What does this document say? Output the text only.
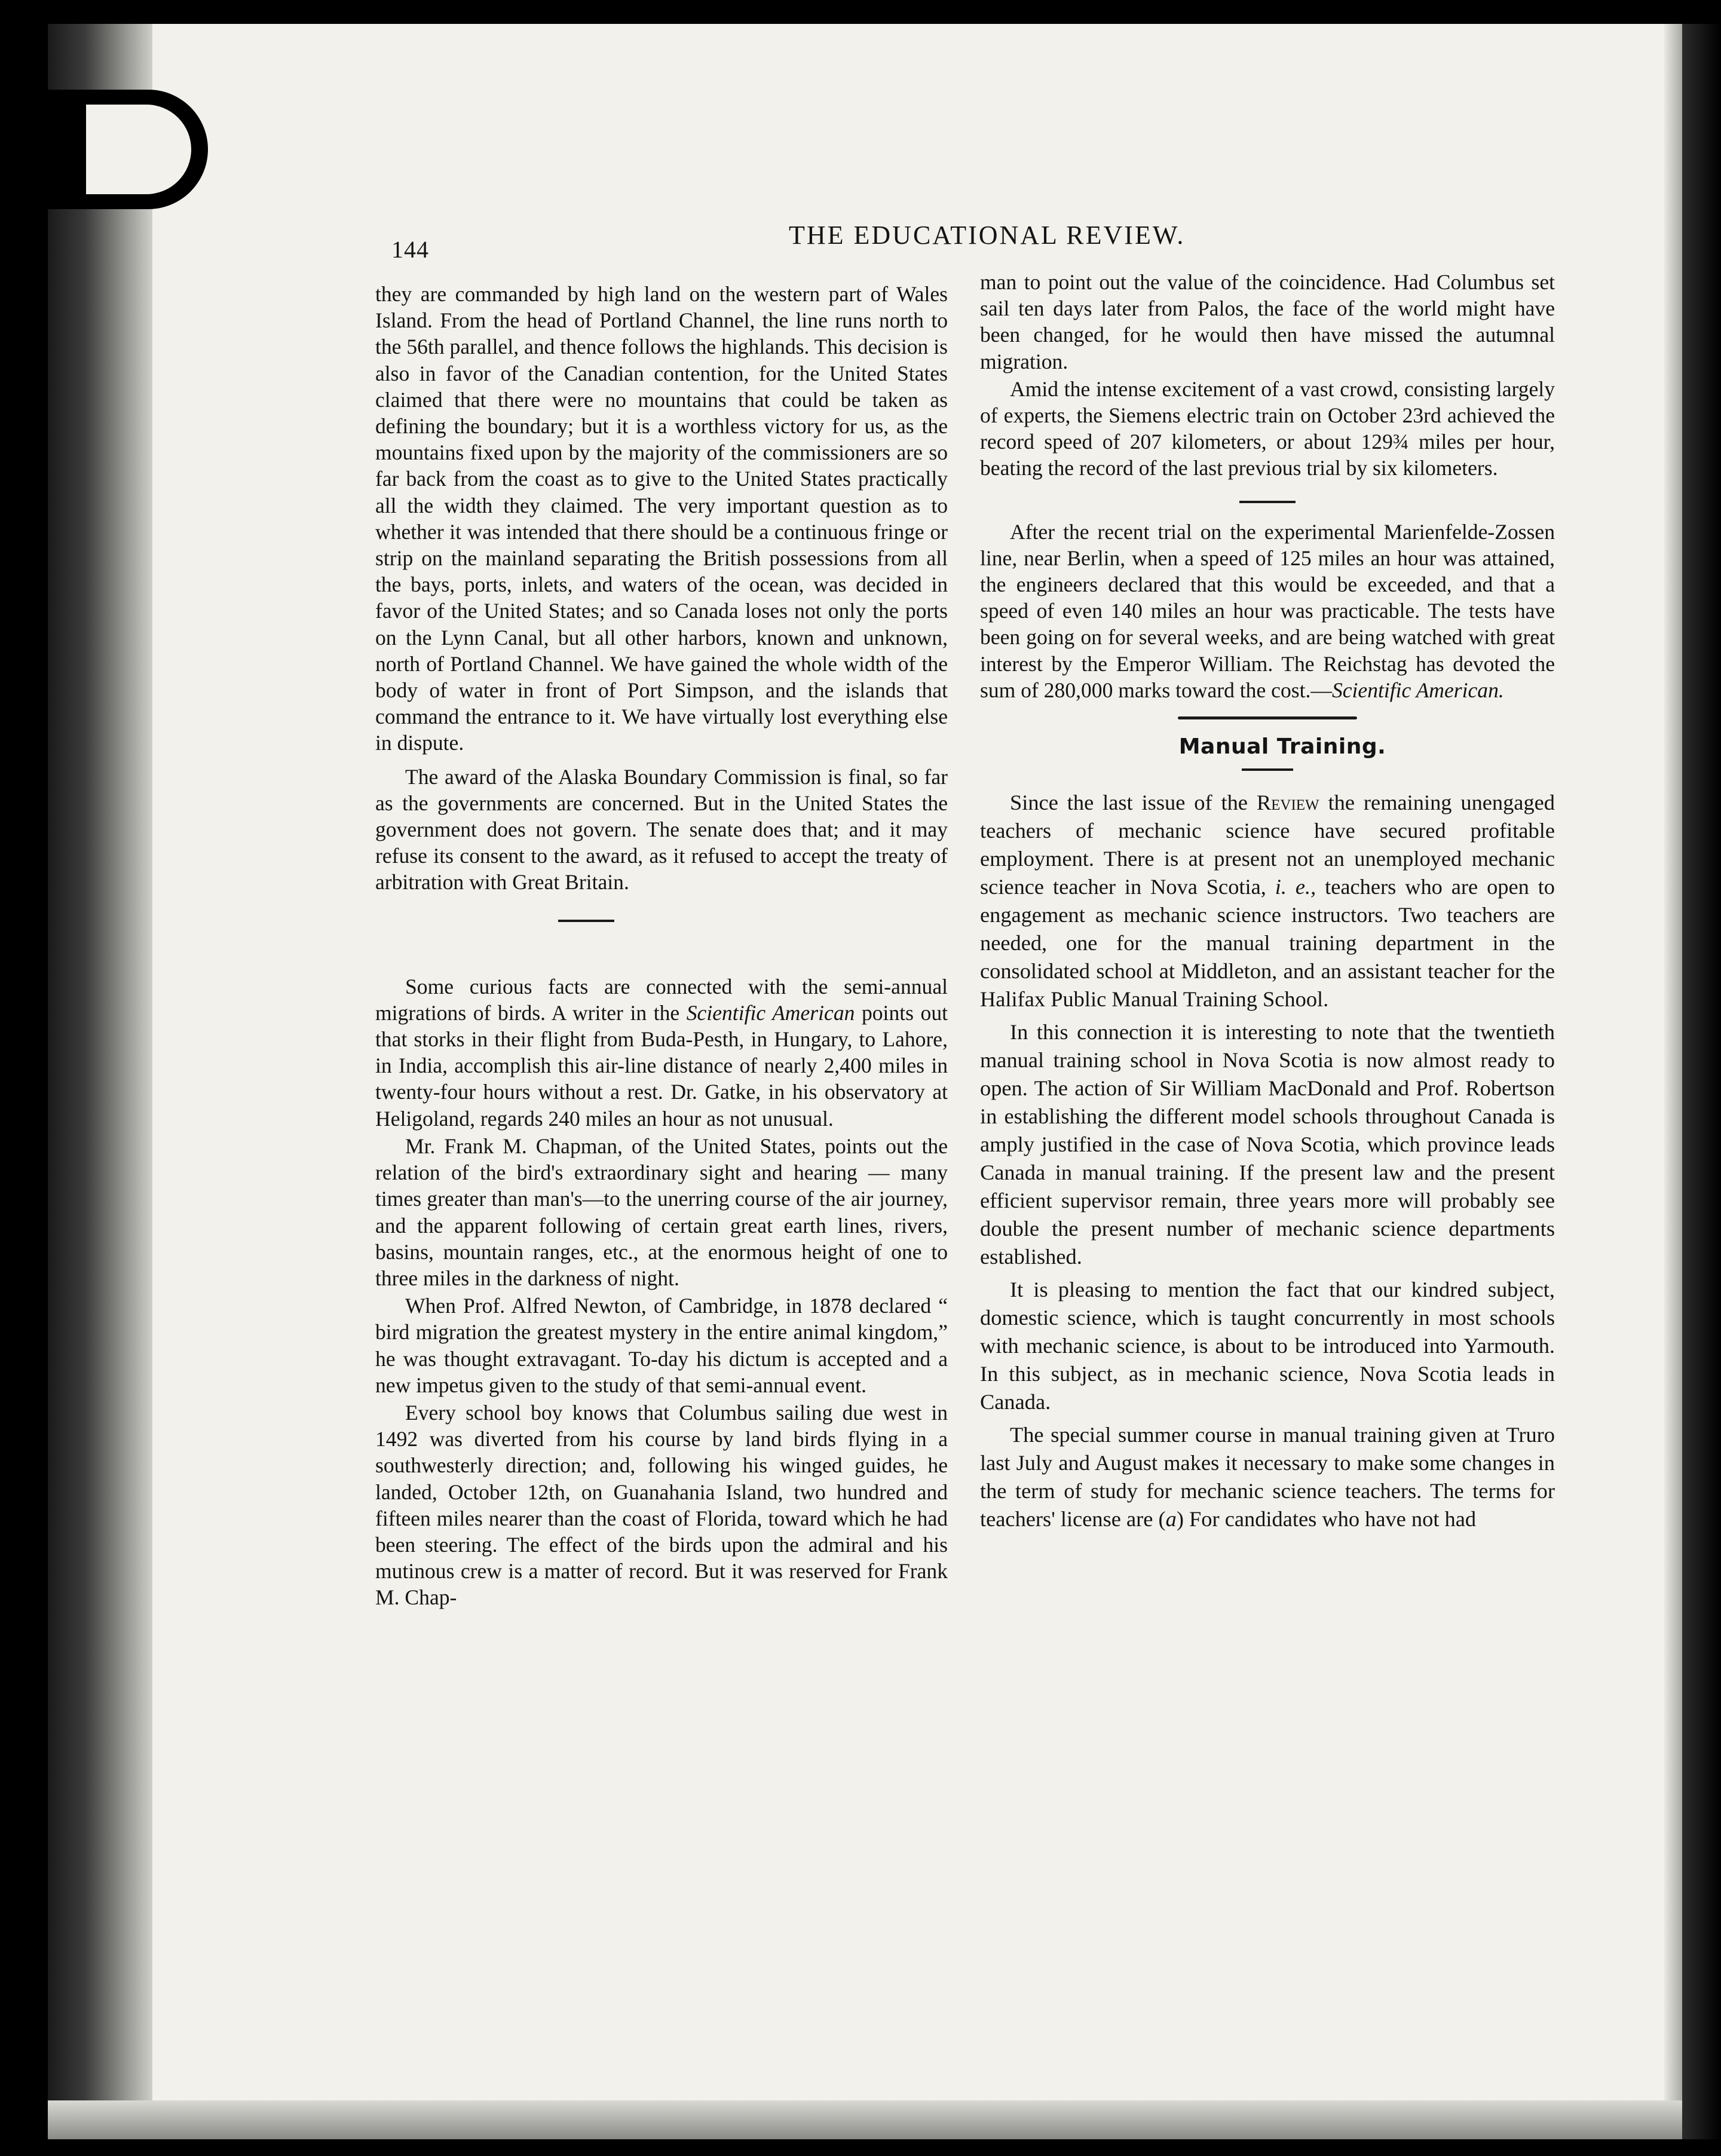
144	THE EDUCATIONAL REVIEW.

they are commanded by high land on the western part of Wales Island. From the head of Portland Channel, the line runs north to the 56th parallel, and thence follows the highlands. This decision is also in favor of the Canadian contention, for the United States claimed that there were no mountains that could be taken as defining the boundary; but it is a worthless victory for us, as the mountains fixed upon by the majority of the commissioners are so far back from the coast as to give to the United States practically all the width they claimed. The very important question as to whether it was intended that there should be a continuous fringe or strip on the mainland separating the British possessions from all the bays, ports, inlets, and waters of the ocean, was decided in favor of the United States; and so Canada loses not only the ports on the Lynn Canal, but all other harbors, known and unknown, north of Portland Channel. We have gained the whole width of the body of water in front of Port Simpson, and the islands that command the entrance to it. We have virtually lost everything else in dispute.

The award of the Alaska Boundary Commission is final, so far as the governments are concerned. But in the United States the government does not govern. The senate does that; and it may refuse its consent to the award, as it refused to accept the treaty of arbitration with Great Britain.

Some curious facts are connected with the semi-annual migrations of birds. A writer in the Scientific American points out that storks in their flight from Buda-Pesth, in Hungary, to Lahore, in India, accomplish this air-line distance of nearly 2,400 miles in twenty-four hours without a rest. Dr. Gatke, in his observatory at Heligoland, regards 240 miles an hour as not unusual.

Mr. Frank M. Chapman, of the United States, points out the relation of the bird's extraordinary sight and hearing — many times greater than man's—to the unerring course of the air journey, and the apparent following of certain great earth lines, rivers, basins, mountain ranges, etc., at the enormous height of one to three miles in the darkness of night.

When Prof. Alfred Newton, of Cambridge, in 1878 declared “ bird migration the greatest mystery in the entire animal kingdom,” he was thought extravagant. To-day his dictum is accepted and a new impetus given to the study of that semi-annual event.

Every school boy knows that Columbus sailing due west in 1492 was diverted from his course by land birds flying in a southwesterly direction; and, following his winged guides, he landed, October 12th, on Guanahania Island, two hundred and fifteen miles nearer than the coast of Florida, toward which he had been steering. The effect of the birds upon the admiral and his mutinous crew is a matter of record. But it was reserved for Frank M. Chap-

man to point out the value of the coincidence. Had Columbus set sail ten days later from Palos, the face of the world might have been changed, for he would then have missed the autumnal migration.

Amid the intense excitement of a vast crowd, consisting largely of experts, the Siemens electric train on October 23rd achieved the record speed of 207 kilometers, or about 129¾ miles per hour, beating the record of the last previous trial by six kilometers.

After the recent trial on the experimental Marienfelde-Zossen line, near Berlin, when a speed of 125 miles an hour was attained, the engineers declared that this would be exceeded, and that a speed of even 140 miles an hour was practicable. The tests have been going on for several weeks, and are being watched with great interest by the Emperor William. The Reichstag has devoted the sum of 280,000 marks toward the cost.—Scientific American.

Manual Training.

Since the last issue of the Review the remaining unengaged teachers of mechanic science have secured profitable employment. There is at present not an unemployed mechanic science teacher in Nova Scotia, i. e., teachers who are open to engagement as mechanic science instructors. Two teachers are needed, one for the manual training department in the consolidated school at Middleton, and an assistant teacher for the Halifax Public Manual Training School.

In this connection it is interesting to note that the twentieth manual training school in Nova Scotia is now almost ready to open. The action of Sir William MacDonald and Prof. Robertson in establishing the different model schools throughout Canada is amply justified in the case of Nova Scotia, which province leads Canada in manual training. If the present law and the present efficient supervisor remain, three years more will probably see double the present number of mechanic science departments established.

It is pleasing to mention the fact that our kindred subject, domestic science, which is taught concurrently in most schools with mechanic science, is about to be introduced into Yarmouth. In this subject, as in mechanic science, Nova Scotia leads in Canada.

The special summer course in manual training given at Truro last July and August makes it necessary to make some changes in the term of study for mechanic science teachers. The terms for teachers' license are (a) For candidates who have not had
